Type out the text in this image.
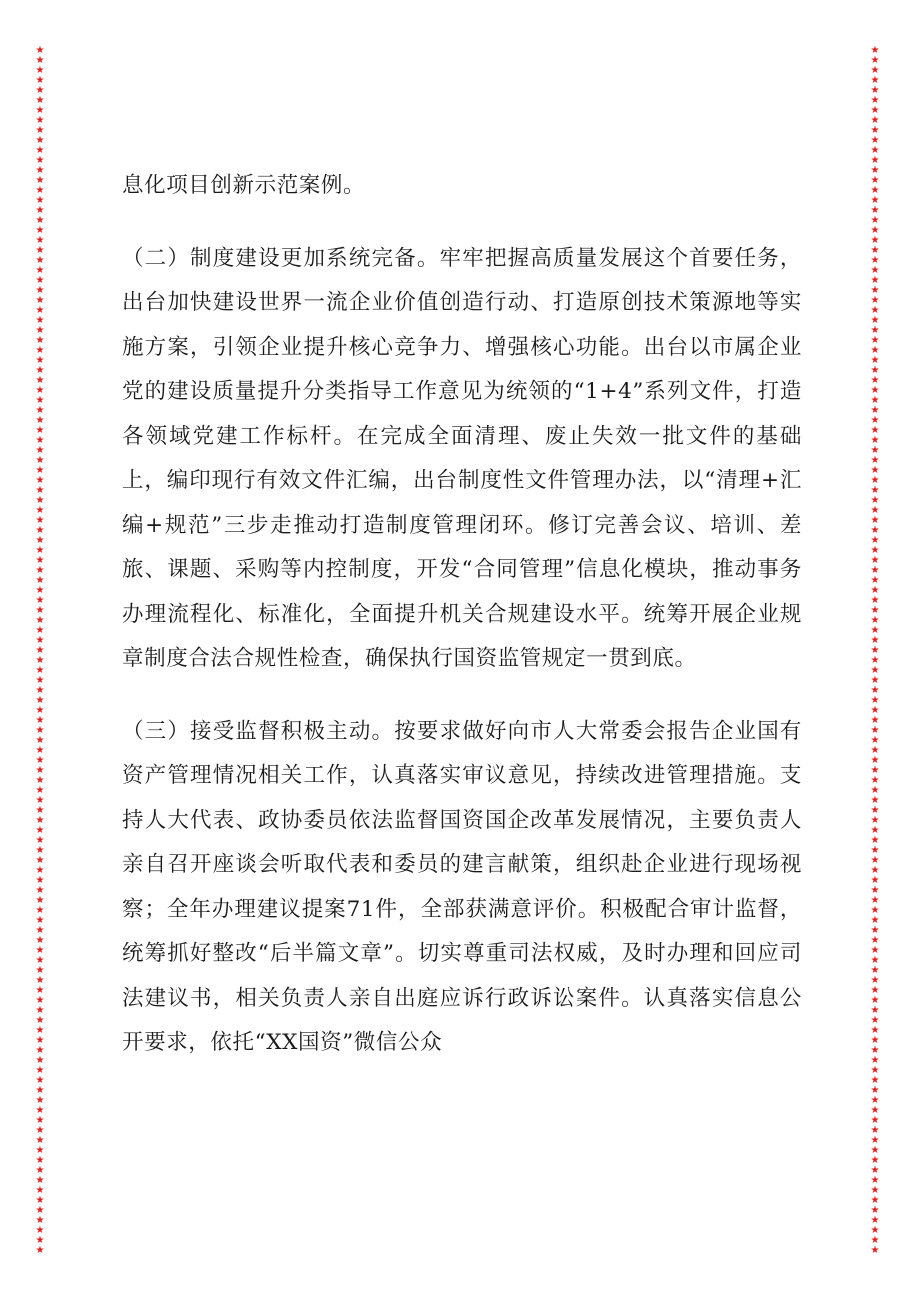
★
★
★
★
★
★
★
★
★
★
★
★
★
★
★
★
★
★
★
★
★
★
★
★
★
★
★
★
★
★
★
★
★
★
★
★
★
★
★
★
★
★
★
★
★
★
★
★
★
★
★
★
★
★
★
★
★
★
★
★
★
★
★
★
★
★
★
★
★
★
★
★
★
★
★
★
★
★
★
★
★
★
★
★
★
★
★
★
★
★
★
★
★
★
★
★
★
★
★
★
★
★
★
★
★
★
★
★
★
★
★
★
★
★
★
★
★
★
★
★
★
★
★
★
★
★
★
★
★
★
★
★
★
★
★
★
★
★
★
★
★
★
★
★
★
★
★
★
★
★
★
★
★
★
★
★
★
★
★
★
★
★
★
★
★
★
★
★
★
★
★
★
★
★
★
★
★
★
★
★
★
★
★
★
★
★
★
★
★
★
★
★
★
★
★
★
★
★
★
★
★
★
★
★
★
★
★
★
★
★
★
★
★
★
★
★
★
★
★
★
★
★
★
★
★
★
★
★
★
★
★
★
★
★
★
★
★
★
★
★
★
★

息化项目创新示范案例。

（二）制度建设更加系统完备。牢牢把握高质量发展这个首要任务，出台加快建设世界一流企业价值创造行动、打造原创技术策源地等实施方案，引领企业提升核心竞争力、增强核心功能。出台以市属企业党的建设质量提升分类指导工作意见为统领的“1+4”系列文件，打造各领域党建工作标杆。在完成全面清理、废止失效一批文件的基础上，编印现行有效文件汇编，出台制度性文件管理办法，以“清理+汇编+规范”三步走推动打造制度管理闭环。修订完善会议、培训、差旅、课题、采购等内控制度，开发“合同管理”信息化模块，推动事务办理流程化、标准化，全面提升机关合规建设水平。统筹开展企业规章制度合法合规性检查，确保执行国资监管规定一贯到底。

（三）接受监督积极主动。按要求做好向市人大常委会报告企业国有资产管理情况相关工作，认真落实审议意见，持续改进管理措施。支持人大代表、政协委员依法监督国资国企改革发展情况，主要负责人亲自召开座谈会听取代表和委员的建言献策，组织赴企业进行现场视察；全年办理建议提案71件，全部获满意评价。积极配合审计监督，统筹抓好整改“后半篇文章”。切实尊重司法权威，及时办理和回应司法建议书，相关负责人亲自出庭应诉行政诉讼案件。认真落实信息公开要求，依托“XX国资”微信公众
